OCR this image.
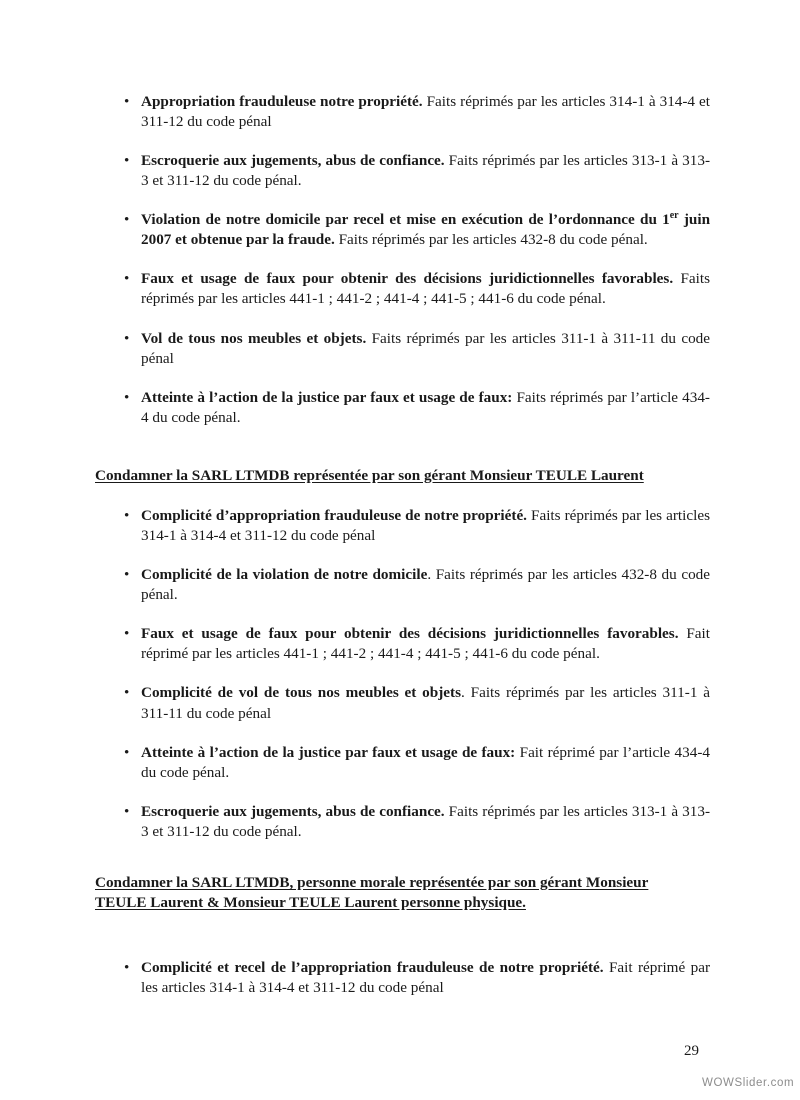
• Appropriation frauduleuse notre propriété. Faits réprimés par les articles 314-1 à 314-4 et 311-12 du code pénal
• Escroquerie aux jugements, abus de confiance. Faits réprimés par les articles 313-1 à 313-3 et 311-12 du code pénal.
• Violation de notre domicile par recel et mise en exécution de l’ordonnance du 1er juin 2007 et obtenue par la fraude. Faits réprimés par les articles 432-8 du code pénal.
• Faux et usage de faux pour obtenir des décisions juridictionnelles favorables. Faits réprimés par les articles 441-1 ; 441-2 ; 441-4 ; 441-5 ; 441-6 du code pénal.
• Vol de tous nos meubles et objets. Faits réprimés par les articles 311-1 à 311-11 du code pénal
• Atteinte à l’action de la justice par faux et usage de faux: Faits réprimés par l’article 434-4 du code pénal.
Condamner la SARL LTMDB représentée par son gérant Monsieur TEULE Laurent
• Complicité d’appropriation frauduleuse de notre propriété. Faits réprimés par les articles 314-1 à 314-4 et 311-12 du code pénal
• Complicité de la violation de notre domicile. Faits réprimés par les articles 432-8 du code pénal.
• Faux et usage de faux pour obtenir des décisions juridictionnelles favorables. Fait réprimé par les articles 441-1 ; 441-2 ; 441-4 ; 441-5 ; 441-6 du code pénal.
• Complicité de vol de tous nos meubles et objets. Faits réprimés par les articles 311-1 à 311-11 du code pénal
• Atteinte à l’action de la justice par faux et usage de faux: Fait réprimé par l’article 434-4 du code pénal.
• Escroquerie aux jugements, abus de confiance. Faits réprimés par les articles 313-1 à 313-3 et 311-12 du code pénal.
Condamner la SARL LTMDB, personne morale représentée par son gérant Monsieur
TEULE Laurent & Monsieur TEULE Laurent personne physique.
• Complicité et recel de l’appropriation frauduleuse de notre propriété. Fait réprimé par les articles 314-1 à 314-4 et 311-12 du code pénal
29
WOWSlider.com
